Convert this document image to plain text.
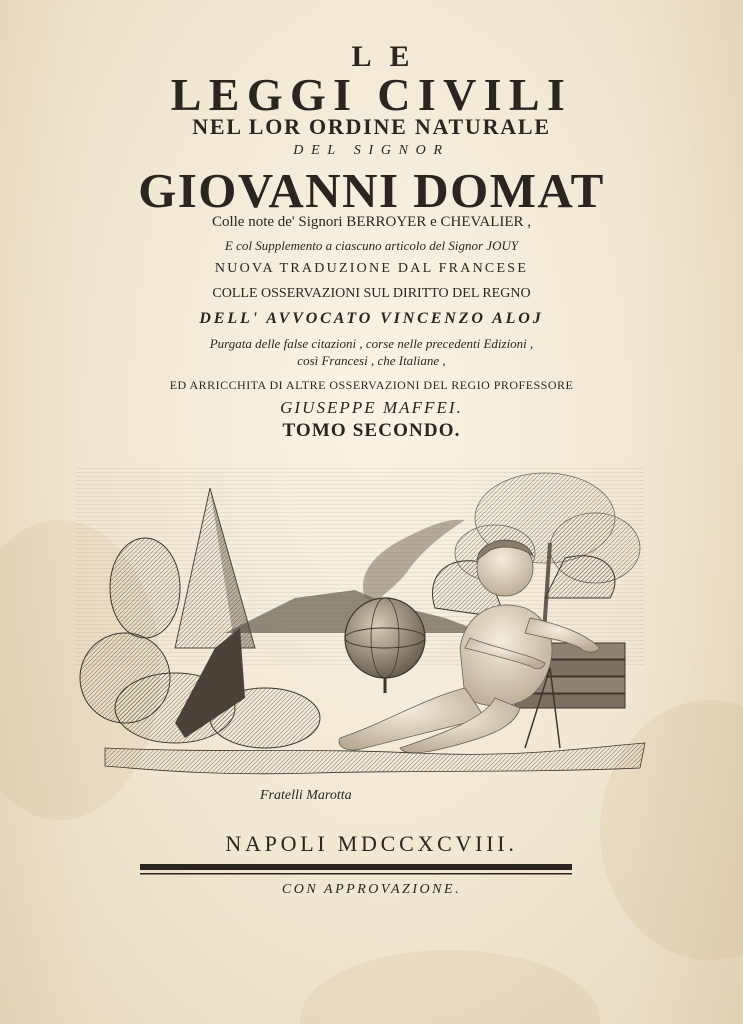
LE
LEGGI CIVILI
NEL LOR ORDINE NATURALE
DEL SIGNOR
GIOVANNI DOMAT
Colle note de' Signori BERROYER e CHEVALIER ,
E col Supplemento a ciascuno articolo del Signor JOUY
NUOVA TRADUZIONE DAL FRANCESE
COLLE OSSERVAZIONI SUL DIRITTO DEL REGNO
DELL' AVVOCATO VINCENZO ALOJ
Purgata delle false citazioni , corse nelle precedenti Edizioni ,
così Francesi , che Italiane ,
ED ARRICCHITA DI ALTRE OSSERVAZIONI DEL REGIO PROFESSORE
GIUSEPPE MAFFEI.
TOMO SECONDO.
Fratelli Marotta
NAPOLI MDCCXCVIII.
CON APPROVAZIONE.
